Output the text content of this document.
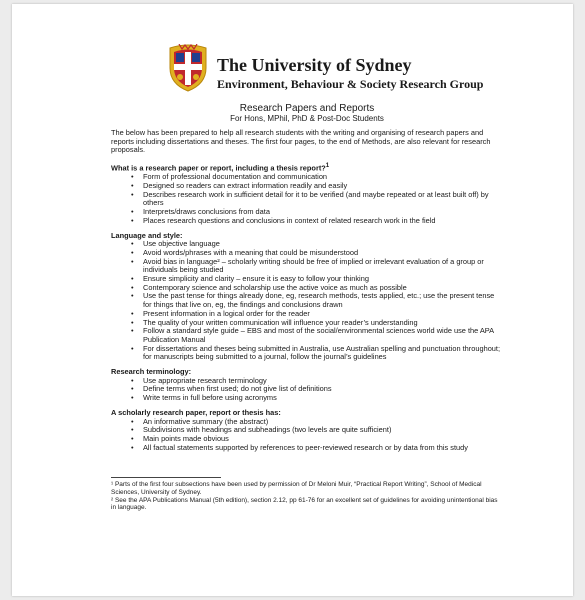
The University of Sydney
Environment, Behaviour & Society Research Group

Research Papers and Reports

For Hons, MPhil, PhD & Post-Doc Students

The below has been prepared to help all research students with the writing and organising of research papers and reports including dissertations and theses. The first four pages, to the end of Methods, are also relevant for research proposals.

What is a research paper or report, including a thesis report?$^1$

• Form of professional documentation and communication
• Designed so readers can extract information readily and easily
• Describes research work in sufficient detail for it to be verified (and maybe repeated or at least built off) by others
• Interprets/draws conclusions from data
• Places research questions and conclusions in context of related research work in the field

Language and style:

• Use objective language
• Avoid words/phrases with a meaning that could be misunderstood
• Avoid bias in language² – scholarly writing should be free of implied or irrelevant evaluation of a group or individuals being studied
• Ensure simplicity and clarity – ensure it is easy to follow your thinking
• Contemporary science and scholarship use the active voice as much as possible
• Use the past tense for things already done, eg, research methods, tests applied, etc.; use the present tense for things that live on, eg, the findings and conclusions drawn
• Present information in a logical order for the reader
• The quality of your written communication will influence your reader’s understanding
• Follow a standard style guide – EBS and most of the social/environmental sciences world wide use the APA Publication Manual
• For dissertations and theses being submitted in Australia, use Australian spelling and punctuation throughout; for manuscripts being submitted to a journal, follow the journal’s guidelines

Research terminology:

• Use appropriate research terminology
• Define terms when first used; do not give list of definitions
• Write terms in full before using acronyms

A scholarly research paper, report or thesis has:

• An informative summary (the abstract)
• Subdivisions with headings and subheadings (two levels are quite sufficient)
• Main points made obvious
• All factual statements supported by references to peer-reviewed research or by data from this study

¹ Parts of the first four subsections have been used by permission of Dr Meloni Muir, “Practical Report Writing”, School of Medical Sciences, University of Sydney.

² See the APA Publications Manual (5th edition), section 2.12, pp 61-76 for an excellent set of guidelines for avoiding unintentional bias in language.
